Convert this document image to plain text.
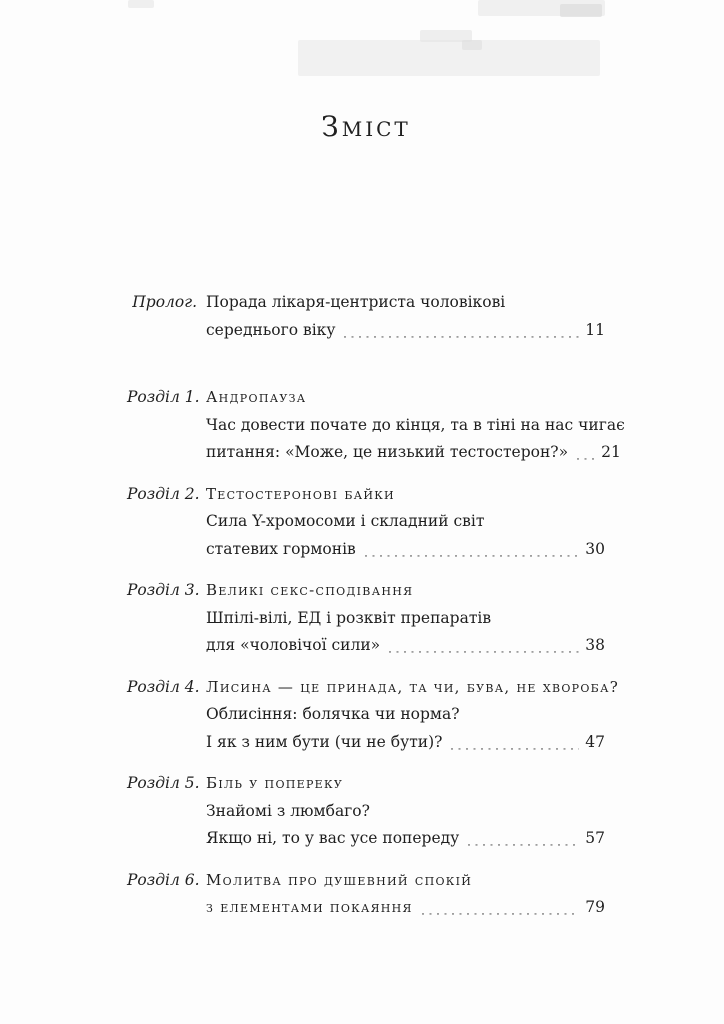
Зміст
Пролог. Порада лікаря-центриста чоловікові
середнього віку	11
Розділ 1. Андропауза
Час довести почате до кінця, та в тіні на нас чигає
питання: «Може, це низький тестостерон?» 21
Розділ 2. Тестостеронові байки
Сила Y-хромосоми і складний світ
статевих гормонів	30
Розділ 3. Великі секс-сподівання
Шпілі-вілі, ЕД і розквіт препаратів
для «чоловічої сили»	38
Розділ 4. Лисина — це принада, та чи, бува, не хвороба?
Облисіння: болячка чи норма?
І як з ним бути (чи не бути)?	47
Розділ 5. Біль у попереку
Знайомі з люмбаго?
Якщо ні, то у вас усе попереду	57
Розділ 6. Молитва про душевний спокій
з елементами покаяння	79
